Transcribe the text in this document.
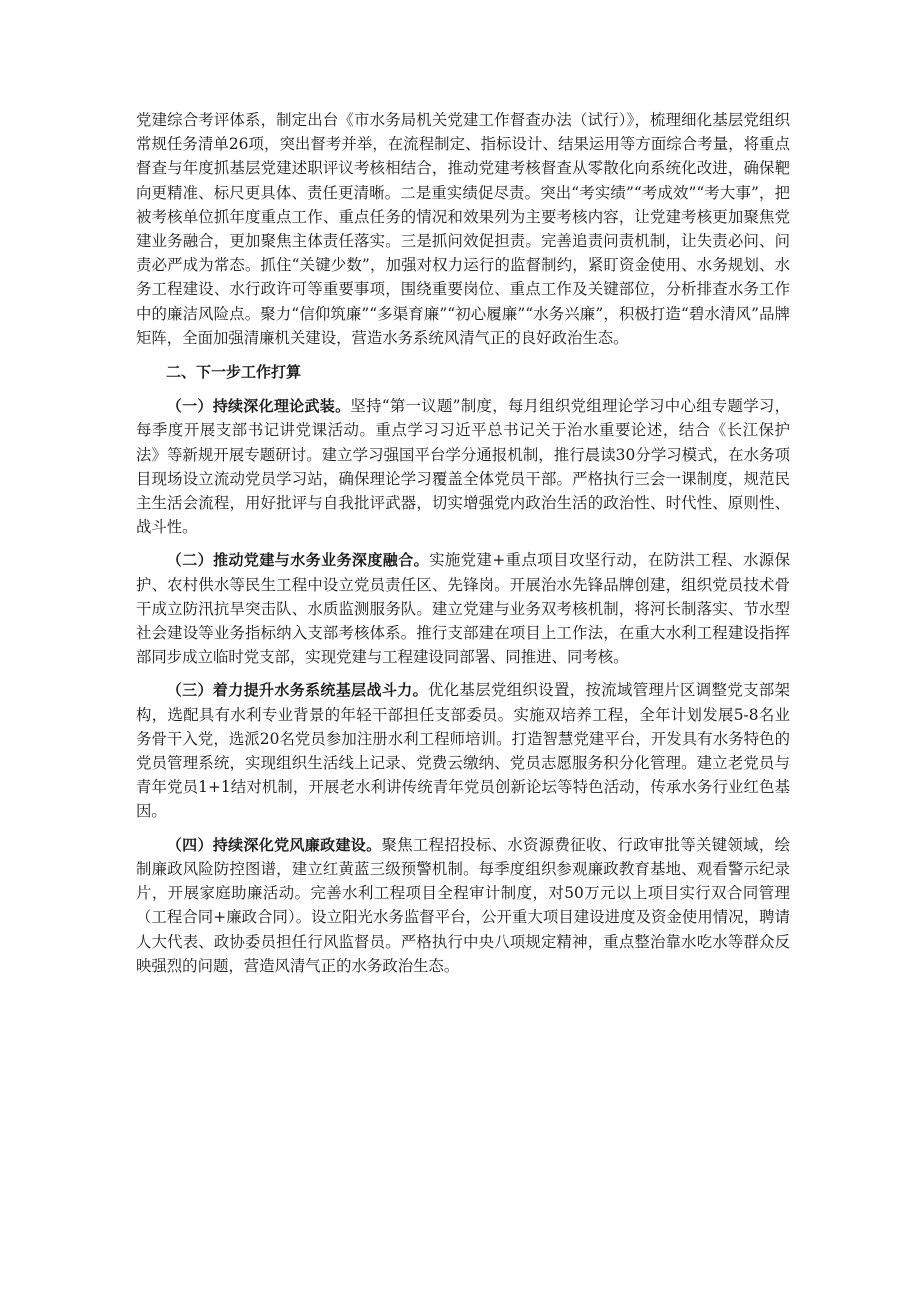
党建综合考评体系，制定出台《市水务局机关党建工作督查办法（试行）》，梳理细化基层党组织常规任务清单26项，突出督考并举，在流程制定、指标设计、结果运用等方面综合考量，将重点督查与年度抓基层党建述职评议考核相结合，推动党建考核督查从零散化向系统化改进，确保靶向更精准、标尺更具体、责任更清晰。二是重实绩促尽责。突出“考实绩”“考成效”“考大事”，把被考核单位抓年度重点工作、重点任务的情况和效果列为主要考核内容，让党建考核更加聚焦党建业务融合，更加聚焦主体责任落实。三是抓问效促担责。完善追责问责机制，让失责必问、问责必严成为常态。抓住“关键少数”，加强对权力运行的监督制约，紧盯资金使用、水务规划、水务工程建设、水行政许可等重要事项，围绕重要岗位、重点工作及关键部位，分析排查水务工作中的廉洁风险点。聚力“信仰筑廉”“多渠育廉”“初心履廉”“水务兴廉”，积极打造“碧水清风”品牌矩阵，全面加强清廉机关建设，营造水务系统风清气正的良好政治生态。

二、下一步工作打算

（一）持续深化理论武装。坚持“第一议题”制度，每月组织党组理论学习中心组专题学习，每季度开展支部书记讲党课活动。重点学习习近平总书记关于治水重要论述，结合《长江保护法》等新规开展专题研讨。建立学习强国平台学分通报机制，推行晨读30分学习模式，在水务项目现场设立流动党员学习站，确保理论学习覆盖全体党员干部。严格执行三会一课制度，规范民主生活会流程，用好批评与自我批评武器，切实增强党内政治生活的政治性、时代性、原则性、战斗性。

（二）推动党建与水务业务深度融合。实施党建+重点项目攻坚行动，在防洪工程、水源保护、农村供水等民生工程中设立党员责任区、先锋岗。开展治水先锋品牌创建，组织党员技术骨干成立防汛抗旱突击队、水质监测服务队。建立党建与业务双考核机制，将河长制落实、节水型社会建设等业务指标纳入支部考核体系。推行支部建在项目上工作法，在重大水利工程建设指挥部同步成立临时党支部，实现党建与工程建设同部署、同推进、同考核。

（三）着力提升水务系统基层战斗力。优化基层党组织设置，按流域管理片区调整党支部架构，选配具有水利专业背景的年轻干部担任支部委员。实施双培养工程，全年计划发展5-8名业务骨干入党，选派20名党员参加注册水利工程师培训。打造智慧党建平台，开发具有水务特色的党员管理系统，实现组织生活线上记录、党费云缴纳、党员志愿服务积分化管理。建立老党员与青年党员1+1结对机制，开展老水利讲传统青年党员创新论坛等特色活动，传承水务行业红色基因。

（四）持续深化党风廉政建设。聚焦工程招投标、水资源费征收、行政审批等关键领域，绘制廉政风险防控图谱，建立红黄蓝三级预警机制。每季度组织参观廉政教育基地、观看警示纪录片，开展家庭助廉活动。完善水利工程项目全程审计制度，对50万元以上项目实行双合同管理（工程合同+廉政合同）。设立阳光水务监督平台，公开重大项目建设进度及资金使用情况，聘请人大代表、政协委员担任行风监督员。严格执行中央八项规定精神，重点整治靠水吃水等群众反映强烈的问题，营造风清气正的水务政治生态。
